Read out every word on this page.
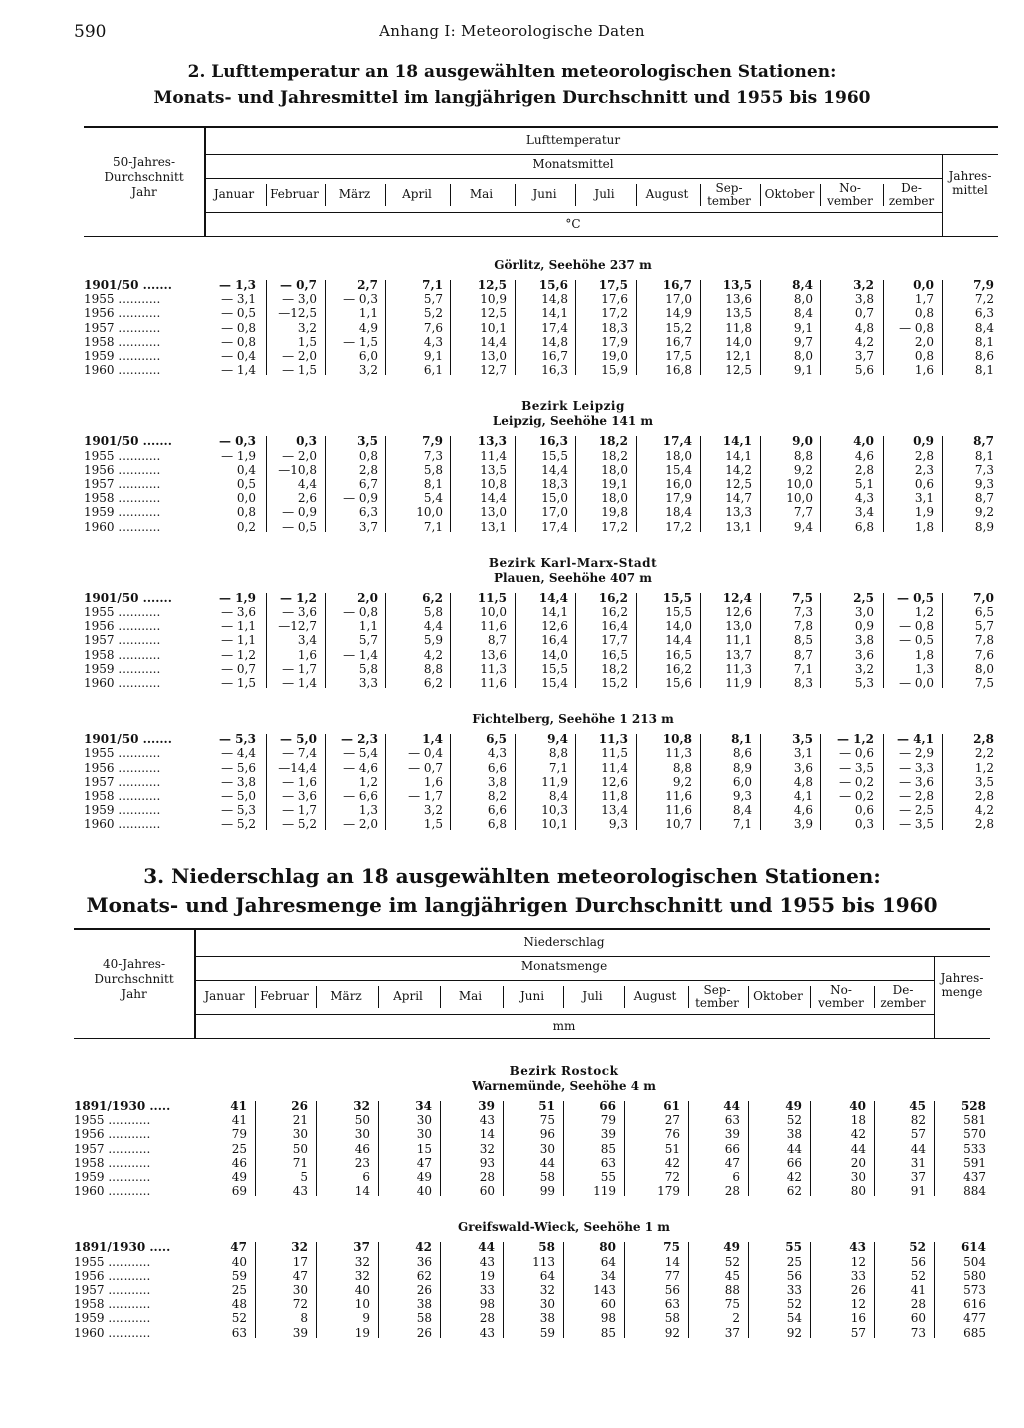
590	Anhang I: Meteorologische Daten
2. Lufttemperatur an 18 ausgewählten meteorologischen Stationen:
Monats- und Jahresmittel im langjährigen Durchschnitt und 1955 bis 1960
3. Niederschlag an 18 ausgewählten meteorologischen Stationen:
Monats- und Jahresmenge im langjährigen Durchschnitt und 1955 bis 1960
50-Jahres-
Durchschnitt
Jahr
Lufttemperatur
Monatsmittel
°C
Jahres-
mittel
Januar	Februar	März	April	Mai	Juni	Juli	August	Sep-
tember	Oktober	No-
vember
De-
zember
Görlitz, Seehöhe 237 m
1901/50 .......	— 1,3	— 0,7	2,7	7,1	12,5	15,6	17,5	16,7	13,5	8,4	3,2	0,0	7,9
1955 ...........	— 3,1	— 3,0	— 0,3	5,7	10,9	14,8	17,6	17,0	13,6	8,0	3,8	1,7	7,2
1956 ...........	— 0,5	—12,5	1,1	5,2	12,5	14,1	17,2	14,9	13,5	8,4	0,7	0,8	6,3
1957 ...........	— 0,8	3,2	4,9	7,6	10,1	17,4	18,3	15,2	11,8	9,1	4,8	— 0,8	8,4
1958 ...........	— 0,8	1,5	— 1,5	4,3	14,4	14,8	17,9	16,7	14,0	9,7	4,2	2,0	8,1
1959 ...........	— 0,4	— 2,0	6,0	9,1	13,0	16,7	19,0	17,5	12,1	8,0	3,7	0,8	8,6
1960 ...........	— 1,4	— 1,5	3,2	6,1	12,7	16,3	15,9	16,8	12,5	9,1	5,6	1,6	8,1
Bezirk Leipzig
Leipzig, Seehöhe 141 m
1901/50 .......	— 0,3	0,3	3,5	7,9	13,3	16,3	18,2	17,4	14,1	9,0	4,0	0,9	8,7
1955 ...........	— 1,9	— 2,0	0,8	7,3	11,4	15,5	18,2	18,0	14,1	8,8	4,6	2,8	8,1
1956 ...........	0,4	—10,8	2,8	5,8	13,5	14,4	18,0	15,4	14,2	9,2	2,8	2,3	7,3
1957 ...........	0,5	4,4	6,7	8,1	10,8	18,3	19,1	16,0	12,5	10,0	5,1	0,6	9,3
1958 ...........	0,0	2,6	— 0,9	5,4	14,4	15,0	18,0	17,9	14,7	10,0	4,3	3,1	8,7
1959 ...........	0,8	— 0,9	6,3	10,0	13,0	17,0	19,8	18,4	13,3	7,7	3,4	1,9	9,2
1960 ...........	0,2	— 0,5	3,7	7,1	13,1	17,4	17,2	17,2	13,1	9,4	6,8	1,8	8,9
Bezirk Karl-Marx-Stadt
Plauen, Seehöhe 407 m
1901/50 .......	— 1,9	— 1,2	2,0	6,2	11,5	14,4	16,2	15,5	12,4	7,5	2,5	— 0,5	7,0
1955 ...........	— 3,6	— 3,6	— 0,8	5,8	10,0	14,1	16,2	15,5	12,6	7,3	3,0	1,2	6,5
1956 ...........	— 1,1	—12,7	1,1	4,4	11,6	12,6	16,4	14,0	13,0	7,8	0,9	— 0,8	5,7
1957 ...........	— 1,1	3,4	5,7	5,9	8,7	16,4	17,7	14,4	11,1	8,5	3,8	— 0,5	7,8
1958 ...........	— 1,2	1,6	— 1,4	4,2	13,6	14,0	16,5	16,5	13,7	8,7	3,6	1,8	7,6
1959 ...........	— 0,7	— 1,7	5,8	8,8	11,3	15,5	18,2	16,2	11,3	7,1	3,2	1,3	8,0
1960 ...........	— 1,5	— 1,4	3,3	6,2	11,6	15,4	15,2	15,6	11,9	8,3	5,3	— 0,0	7,5
Fichtelberg, Seehöhe 1 213 m
1901/50 .......	— 5,3	— 5,0	— 2,3	1,4	6,5	9,4	11,3	10,8	8,1	3,5	— 1,2	— 4,1	2,8
1955 ...........	— 4,4	— 7,4	— 5,4	— 0,4	4,3	8,8	11,5	11,3	8,6	3,1	— 0,6	— 2,9	2,2
1956 ...........	— 5,6	—14,4	— 4,6	— 0,7	6,6	7,1	11,4	8,8	8,9	3,6	— 3,5	— 3,3	1,2
1957 ...........	— 3,8	— 1,6	1,2	1,6	3,8	11,9	12,6	9,2	6,0	4,8	— 0,2	— 3,6	3,5
1958 ...........	— 5,0	— 3,6	— 6,6	— 1,7	8,2	8,4	11,8	11,6	9,3	4,1	— 0,2	— 2,8	2,8
1959 ...........	— 5,3	— 1,7	1,3	3,2	6,6	10,3	13,4	11,6	8,4	4,6	0,6	— 2,5	4,2
1960 ...........	— 5,2	— 5,2	— 2,0	1,5	6,8	10,1	9,3	10,7	7,1	3,9	0,3	— 3,5	2,8
40-Jahres-
Durchschnitt
Jahr
Niederschlag
Monatsmenge
mm
Jahres-
menge
Januar	Februar	März	April	Mai	Juni	Juli	August	Sep-
tember	Oktober	No-
vember
De-
zember
Bezirk Rostock
Warnemünde, Seehöhe 4 m
1891/1930 .....	41	26	32	34	39	51	66	61	44	49	40	45	528
1955 ...........	41	21	50	30	43	75	79	27	63	52	18	82	581
1956 ...........	79	30	30	30	14	96	39	76	39	38	42	57	570
1957 ...........	25	50	46	15	32	30	85	51	66	44	44	44	533
1958 ...........	46	71	23	47	93	44	63	42	47	66	20	31	591
1959 ...........	49	5	6	49	28	58	55	72	6	42	30	37	437
1960 ...........	69	43	14	40	60	99	119	179	28	62	80	91	884
Greifswald-Wieck, Seehöhe 1 m
1891/1930 .....	47	32	37	42	44	58	80	75	49	55	43	52	614
1955 ...........	40	17	32	36	43	113	64	14	52	25	12	56	504
1956 ...........	59	47	32	62	19	64	34	77	45	56	33	52	580
1957 ...........	25	30	40	26	33	32	143	56	88	33	26	41	573
1958 ...........	48	72	10	38	98	30	60	63	75	52	12	28	616
1959 ...........	52	8	9	58	28	38	98	58	2	54	16	60	477
1960 ...........	63	39	19	26	43	59	85	92	37	92	57	73	685
